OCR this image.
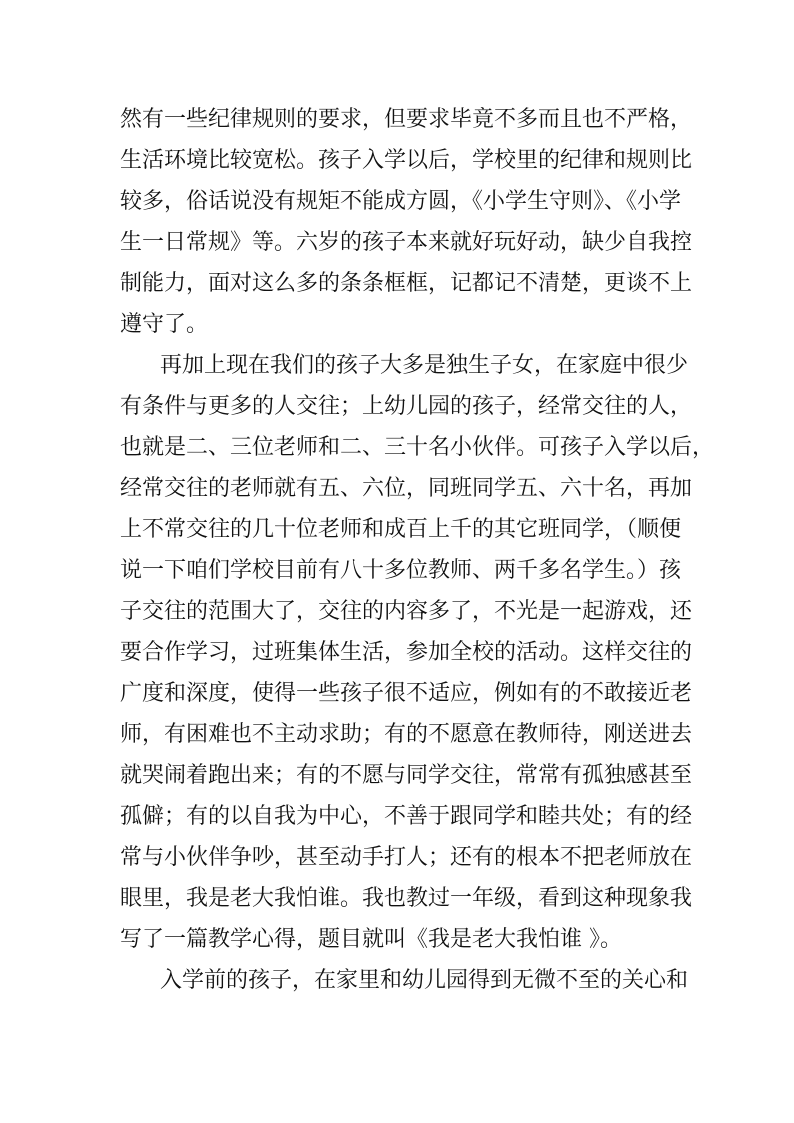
然有一些纪律规则的要求，但要求毕竟不多而且也不严格，
生活环境比较宽松。孩子入学以后，学校里的纪律和规则比
较多，俗话说没有规矩不能成方圆，《小学生守则》、《小学
生一日常规》等。六岁的孩子本来就好玩好动，缺少自我控
制能力，面对这么多的条条框框，记都记不清楚，更谈不上
遵守了。
再加上现在我们的孩子大多是独生子女，在家庭中很少
有条件与更多的人交往；上幼儿园的孩子，经常交往的人，
也就是二、三位老师和二、三十名小伙伴。可孩子入学以后，
经常交往的老师就有五、六位，同班同学五、六十名，再加
上不常交往的几十位老师和成百上千的其它班同学，（顺便
说一下咱们学校目前有八十多位教师、两千多名学生。）孩
子交往的范围大了，交往的内容多了，不光是一起游戏，还
要合作学习，过班集体生活，参加全校的活动。这样交往的
广度和深度，使得一些孩子很不适应，例如有的不敢接近老
师，有困难也不主动求助；有的不愿意在教师待，刚送进去
就哭闹着跑出来；有的不愿与同学交往，常常有孤独感甚至
孤僻；有的以自我为中心，不善于跟同学和睦共处；有的经
常与小伙伴争吵，甚至动手打人；还有的根本不把老师放在
眼里，我是老大我怕谁。我也教过一年级，看到这种现象我
写了一篇教学心得，题目就叫《我是老大我怕谁 》。
入学前的孩子，在家里和幼儿园得到无微不至的关心和
